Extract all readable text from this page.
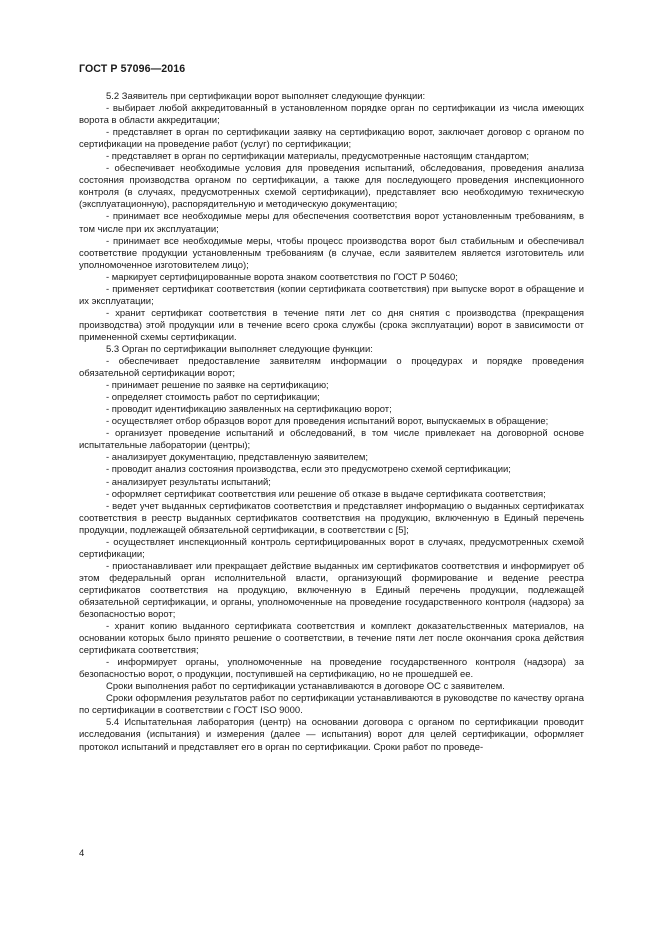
ГОСТ Р 57096—2016

5.2 Заявитель при сертификации ворот выполняет следующие функции:

- выбирает любой аккредитованный в установленном порядке орган по сертификации из числа имеющих ворота в области аккредитации;

- представляет в орган по сертификации заявку на сертификацию ворот, заключает договор с органом по сертификации на проведение работ (услуг) по сертификации;

- представляет в орган по сертификации материалы, предусмотренные настоящим стандартом;

- обеспечивает необходимые условия для проведения испытаний, обследования, проведения анализа состояния производства органом по сертификации, а также для последующего проведения инспекционного контроля (в случаях, предусмотренных схемой сертификации), представляет всю необходимую техническую (эксплуатационную), распорядительную и методическую документацию;

- принимает все необходимые меры для обеспечения соответствия ворот установленным требованиям, в том числе при их эксплуатации;

- принимает все необходимые меры, чтобы процесс производства ворот был стабильным и обеспечивал соответствие продукции установленным требованиям (в случае, если заявителем является изготовитель или уполномоченное изготовителем лицо);

- маркирует сертифицированные ворота знаком соответствия по ГОСТ Р 50460;

- применяет сертификат соответствия (копии сертификата соответствия) при выпуске ворот в обращение и их эксплуатации;

- хранит сертификат соответствия в течение пяти лет со дня снятия с производства (прекращения производства) этой продукции или в течение всего срока службы (срока эксплуатации) ворот в зависимости от примененной схемы сертификации.

5.3 Орган по сертификации выполняет следующие функции:

- обеспечивает предоставление заявителям информации о процедурах и порядке проведения обязательной сертификации ворот;

- принимает решение по заявке на сертификацию;

- определяет стоимость работ по сертификации;

- проводит идентификацию заявленных на сертификацию ворот;

- осуществляет отбор образцов ворот для проведения испытаний ворот, выпускаемых в обращение;

- организует проведение испытаний и обследований, в том числе привлекает на договорной основе испытательные лаборатории (центры);

- анализирует документацию, представленную заявителем;

- проводит анализ состояния производства, если это предусмотрено схемой сертификации;

- анализирует результаты испытаний;

- оформляет сертификат соответствия или решение об отказе в выдаче сертификата соответствия;

- ведет учет выданных сертификатов соответствия и представляет информацию о выданных сертификатах соответствия в реестр выданных сертификатов соответствия на продукцию, включенную в Единый перечень продукции, подлежащей обязательной сертификации, в соответствии с [5];

- осуществляет инспекционный контроль сертифицированных ворот в случаях, предусмотренных схемой сертификации;

- приостанавливает или прекращает действие выданных им сертификатов соответствия и информирует об этом федеральный орган исполнительной власти, организующий формирование и ведение реестра сертификатов соответствия на продукцию, включенную в Единый перечень продукции, подлежащей обязательной сертификации, и органы, уполномоченные на проведение государственного контроля (надзора) за безопасностью ворот;

- хранит копию выданного сертификата соответствия и комплект доказательственных материалов, на основании которых было принято решение о соответствии, в течение пяти лет после окончания срока действия сертификата соответствия;

- информирует органы, уполномоченные на проведение государственного контроля (надзора) за безопасностью ворот, о продукции, поступившей на сертификацию, но не прошедшей ее.

Сроки выполнения работ по сертификации устанавливаются в договоре ОС с заявителем.

Сроки оформления результатов работ по сертификации устанавливаются в руководстве по качеству органа по сертификации в соответствии с ГОСТ ISO 9000.

5.4 Испытательная лаборатория (центр) на основании договора с органом по сертификации проводит исследования (испытания) и измерения (далее — испытания) ворот для целей сертификации, оформляет протокол испытаний и представляет его в орган по сертификации. Сроки работ по проведе-

4
